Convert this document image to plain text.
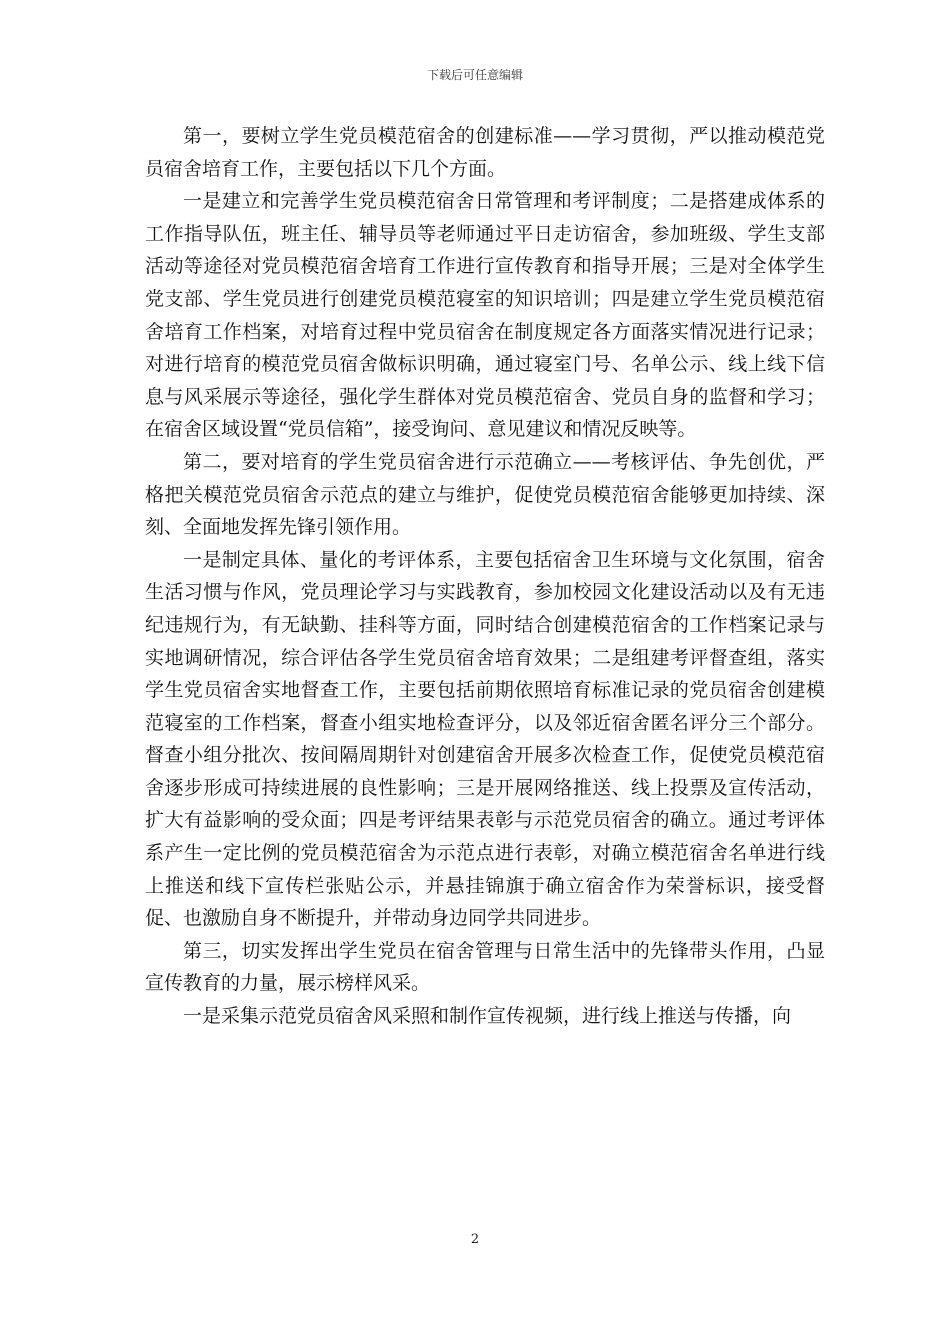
下载后可任意编辑

第一，要树立学生党员模范宿舍的创建标准——学习贯彻，严以推动模范党员宿舍培育工作，主要包括以下几个方面。

一是建立和完善学生党员模范宿舍日常管理和考评制度；二是搭建成体系的工作指导队伍，班主任、辅导员等老师通过平日走访宿舍，参加班级、学生支部活动等途径对党员模范宿舍培育工作进行宣传教育和指导开展；三是对全体学生党支部、学生党员进行创建党员模范寝室的知识培训；四是建立学生党员模范宿舍培育工作档案，对培育过程中党员宿舍在制度规定各方面落实情况进行记录；对进行培育的模范党员宿舍做标识明确，通过寝室门号、名单公示、线上线下信息与风采展示等途径，强化学生群体对党员模范宿舍、党员自身的监督和学习；在宿舍区域设置“党员信箱”，接受询问、意见建议和情况反映等。

第二，要对培育的学生党员宿舍进行示范确立——考核评估、争先创优，严格把关模范党员宿舍示范点的建立与维护，促使党员模范宿舍能够更加持续、深刻、全面地发挥先锋引领作用。

一是制定具体、量化的考评体系，主要包括宿舍卫生环境与文化氛围，宿舍生活习惯与作风，党员理论学习与实践教育，参加校园文化建设活动以及有无违纪违规行为，有无缺勤、挂科等方面，同时结合创建模范宿舍的工作档案记录与实地调研情况，综合评估各学生党员宿舍培育效果；二是组建考评督查组，落实学生党员宿舍实地督查工作，主要包括前期依照培育标准记录的党员宿舍创建模范寝室的工作档案，督查小组实地检查评分，以及邻近宿舍匿名评分三个部分。督查小组分批次、按间隔周期针对创建宿舍开展多次检查工作，促使党员模范宿舍逐步形成可持续进展的良性影响；三是开展网络推送、线上投票及宣传活动，扩大有益影响的受众面；四是考评结果表彰与示范党员宿舍的确立。通过考评体系产生一定比例的党员模范宿舍为示范点进行表彰，对确立模范宿舍名单进行线上推送和线下宣传栏张贴公示，并悬挂锦旗于确立宿舍作为荣誉标识，接受督促、也激励自身不断提升，并带动身边同学共同进步。

第三，切实发挥出学生党员在宿舍管理与日常生活中的先锋带头作用，凸显宣传教育的力量，展示榜样风采。

一是采集示范党员宿舍风采照和制作宣传视频，进行线上推送与传播，向

2
